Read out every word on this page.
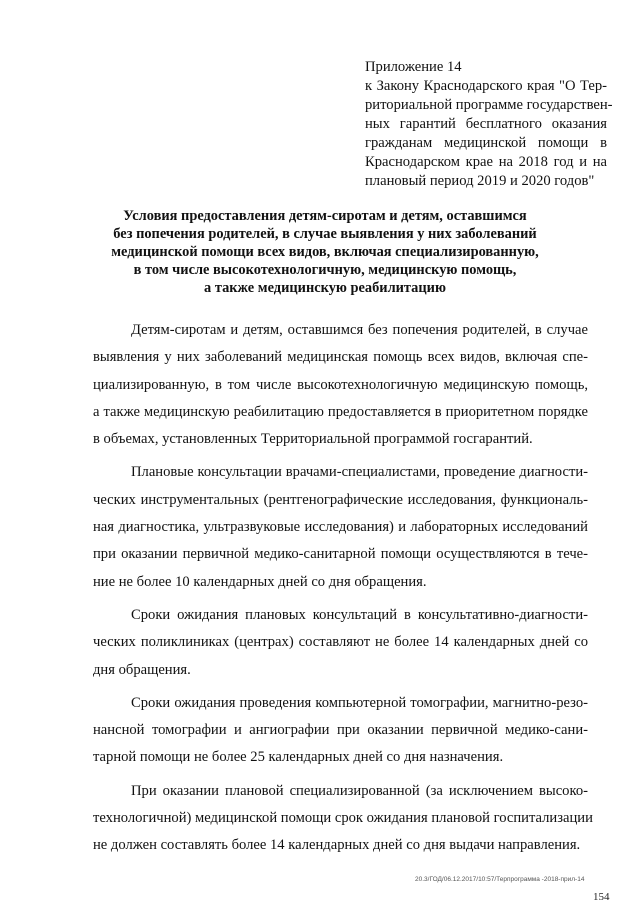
Приложение 14
к Закону Краснодарского края "О Тер-
риториальной программе государствен-
ных гарантий бесплатного оказания
гражданам медицинской помощи в
Краснодарском крае на 2018 год и на
плановый период 2019 и 2020 годов"
Условия предоставления детям-сиротам и детям, оставшимся
без попечения родителей, в случае выявления у них заболеваний
медицинской помощи всех видов, включая специализированную,
в том числе высокотехнологичную, медицинскую помощь,
а также медицинскую реабилитацию
Детям-сиротам и детям, оставшимся без попечения родителей, в случае
выявления у них заболеваний медицинская помощь всех видов, включая спе-
циализированную, в том числе высокотехнологичную медицинскую помощь,
а также медицинскую реабилитацию предоставляется в приоритетном порядке
в объемах, установленных Территориальной программой госгарантий.
Плановые консультации врачами-специалистами, проведение диагности-
ческих инструментальных (рентгенографические исследования, функциональ-
ная диагностика, ультразвуковые исследования) и лабораторных исследований
при оказании первичной медико-санитарной помощи осуществляются в тече-
ние не более 10 календарных дней со дня обращения.
Сроки ожидания плановых консультаций в консультативно-диагности-
ческих поликлиниках (центрах) составляют не более 14 календарных дней со
дня обращения.
Сроки ожидания проведения компьютерной томографии, магнитно-резо-
нансной томографии и ангиографии при оказании первичной медико-сани-
тарной помощи не более 25 календарных дней со дня назначения.
При оказании плановой специализированной (за исключением высоко-
технологичной) медицинской помощи срок ожидания плановой госпитализации
не должен составлять более 14 календарных дней со дня выдачи направления.
20.3/ГОД/06.12.2017/10:57/Терпрограмма -2018-прил-14
154
